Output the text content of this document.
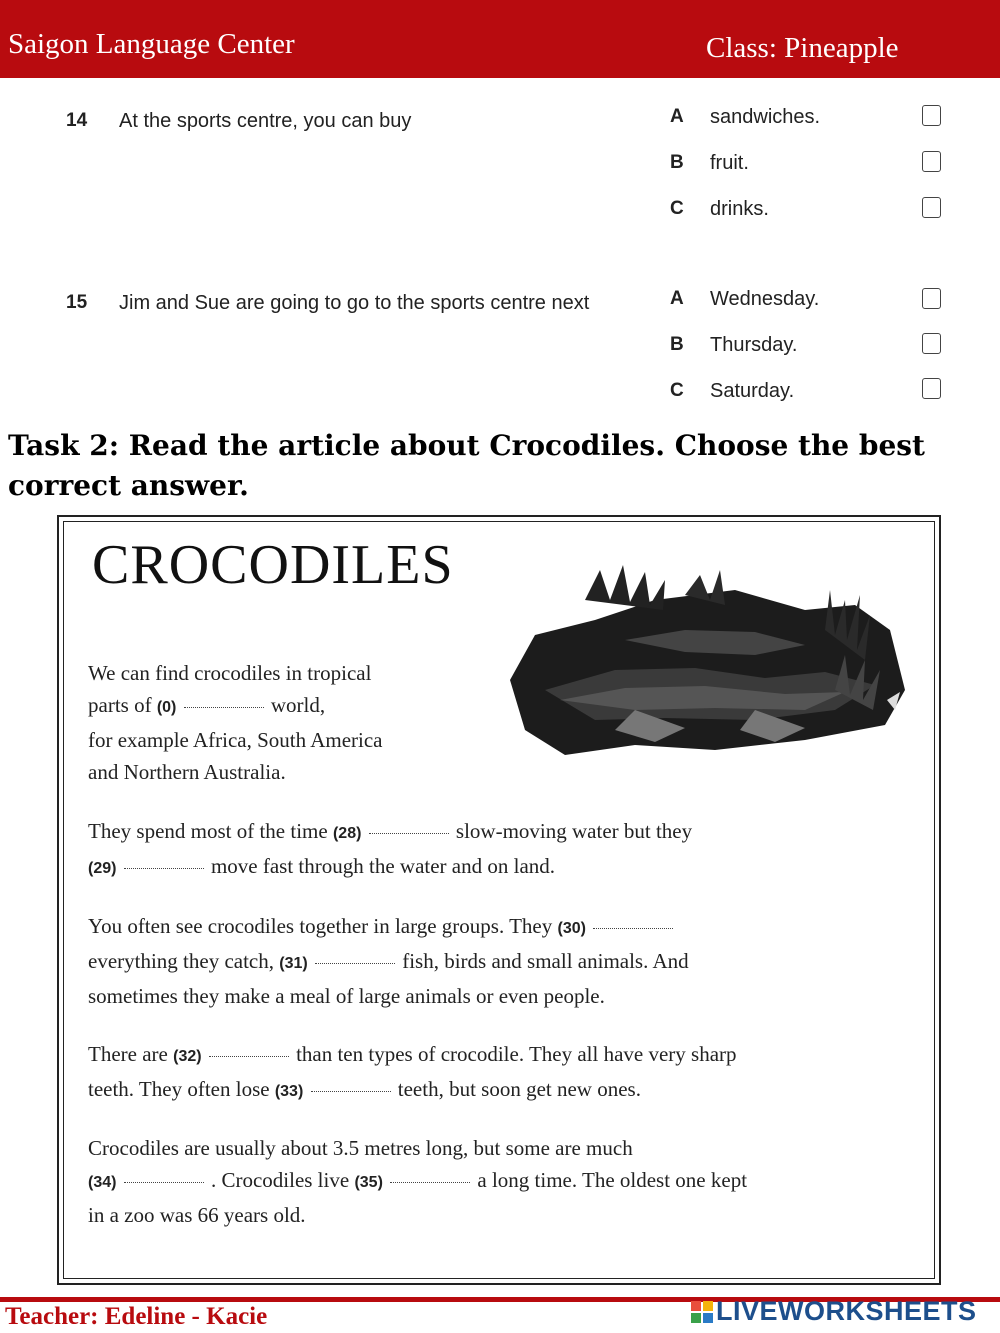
Saigon Language Center	Class: Pineapple
14 At the sports centre, you can buy	A sandwiches.
B fruit.
C drinks.
15 Jim and Sue are going to go to the sports centre next	A Wednesday.
B Thursday.
C Saturday.
Task 2: Read the article about Crocodiles. Choose the best correct answer.
CROCODILES
We can find crocodiles in tropical
parts of (0)	world,
for example Africa, South America
and Northern Australia.
They spend most of the time (28)	slow-moving water but they
(29)	move fast through the water and on land.
You often see crocodiles together in large groups. They (30)
everything they catch, (31)	fish, birds and small animals. And
sometimes they make a meal of large animals or even people.
There are (32)	than ten types of crocodile. They all have very sharp
teeth. They often lose (33)	teeth, but soon get new ones.
Crocodiles are usually about 3.5 metres long, but some are much
(34)	. Crocodiles live (35)	a long time. The oldest one kept
in a zoo was 66 years old.
Teacher: Edeline - Kacie	LIVEWORKSHEETS
